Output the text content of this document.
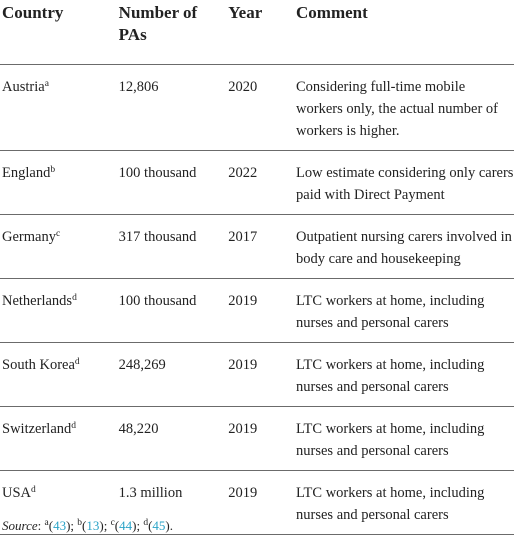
Country	Number of PAs	Year	Comment
Austria$^a$	12,806	2020	Considering full-time mobile workers only, the actual number of workers is higher.
England$^b$	100 thousand	2022	Low estimate considering only carers paid with Direct Payment
Germany$^c$	317 thousand	2017	Outpatient nursing carers involved in body care and housekeeping
Netherlands$^d$	100 thousand	2019	LTC workers at home, including nurses and personal carers
South Korea$^d$	248,269	2019	LTC workers at home, including nurses and personal carers
Switzerland$^d$	48,220	2019	LTC workers at home, including nurses and personal carers
USA$^d$	1.3 million	2019	LTC workers at home, including nurses and personal carers
Source: $^a$(43); $^b$(13); $^c$(44); $^d$(45).
